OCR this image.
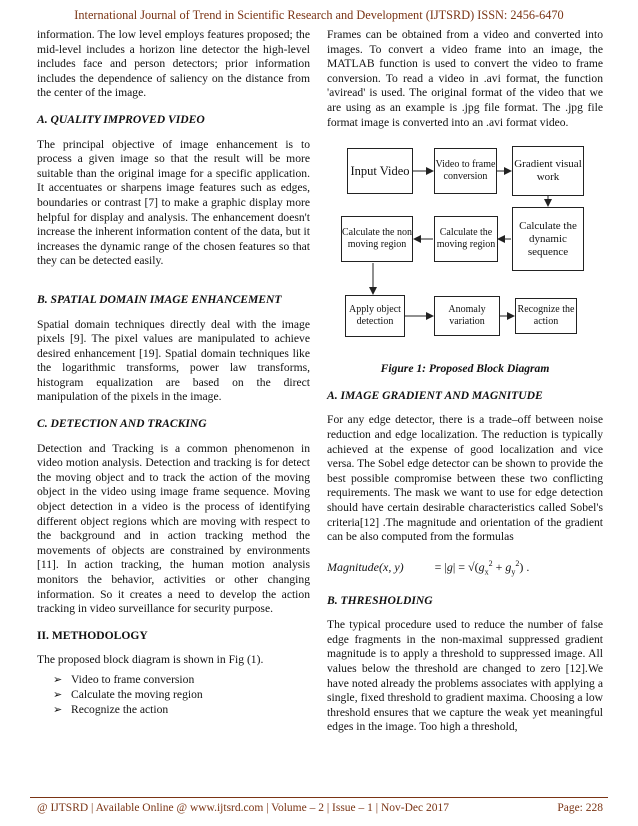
International Journal of Trend in Scientific Research and Development (IJTSRD) ISSN: 2456-6470

information. The low level employs features proposed; the mid-level includes a horizon line detector the high-level includes face and person detectors; prior information includes the dependence of saliency on the distance from the center of the image.

A. QUALITY IMPROVED VIDEO

The principal objective of image enhancement is to process a given image so that the result will be more suitable than the original image for a specific application. It accentuates or sharpens image features such as edges, boundaries or contrast [7] to make a graphic display more helpful for display and analysis. The enhancement doesn't increase the inherent information content of the data, but it increases the dynamic range of the chosen features so that they can be detected easily.

B. SPATIAL DOMAIN IMAGE ENHANCEMENT

Spatial domain techniques directly deal with the image pixels [9]. The pixel values are manipulated to achieve desired enhancement [19]. Spatial domain techniques like the logarithmic transforms, power law transforms, histogram equalization are based on the direct manipulation of the pixels in the image.

C. DETECTION AND TRACKING

Detection and Tracking is a common phenomenon in video motion analysis. Detection and tracking is for detect the moving object and to track the action of the moving object in the video using image frame sequence. Moving object detection in a video is the process of identifying different object regions which are moving with respect to the background and in action tracking method the movements of objects are constrained by environments [11]. In action tracking, the human motion analysis monitors the behavior, activities or other changing information. So it creates a need to develop the action tracking in video surveillance for security purpose.

II. METHODOLOGY

The proposed block diagram is shown in Fig (1).

➢ Video to frame conversion
➢ Calculate the moving region
➢ Recognize the action

Frames can be obtained from a video and converted into images. To convert a video frame into an image, the MATLAB function is used to convert the video to frame conversion. To read a video in .avi format, the function 'aviread' is used. The original format of the video that we are using as an example is .jpg file format. The .jpg file format image is converted into an .avi format video.

Input Video	Video to frame conversion
Gradient visual work
Calculate the dynamic sequence
Calculate the moving region
Calculate the non moving region
Apply object detection
Anomaly variation
Recognize the action

Figure 1: Proposed Block Diagram

A. IMAGE GRADIENT AND MAGNITUDE

For any edge detector, there is a trade–off between noise reduction and edge localization. The reduction is typically achieved at the expense of good localization and vice versa. The Sobel edge detector can be shown to provide the best possible compromise between these two conflicting requirements. The mask we want to use for edge detection should have certain desirable characteristics called Sobel's criteria[12] .The magnitude and orientation of the gradient can be also computed from the formulas

Magnitude(x, y)	= $|g| = √(g_x^2 + g_y^2)$ .

B. THRESHOLDING

The typical procedure used to reduce the number of false edge fragments in the non-maximal suppressed gradient magnitude is to apply a threshold to suppressed image. All values below the threshold are changed to zero [12].We have noted already the problems associates with applying a single, fixed threshold to gradient maxima. Choosing a low threshold ensures that we capture the weak yet meaningful edges in the image. Too high a threshold,

@ IJTSRD | Available Online @ www.ijtsrd.com | Volume – 2 | Issue – 1 | Nov-Dec 2017	Page: 228
